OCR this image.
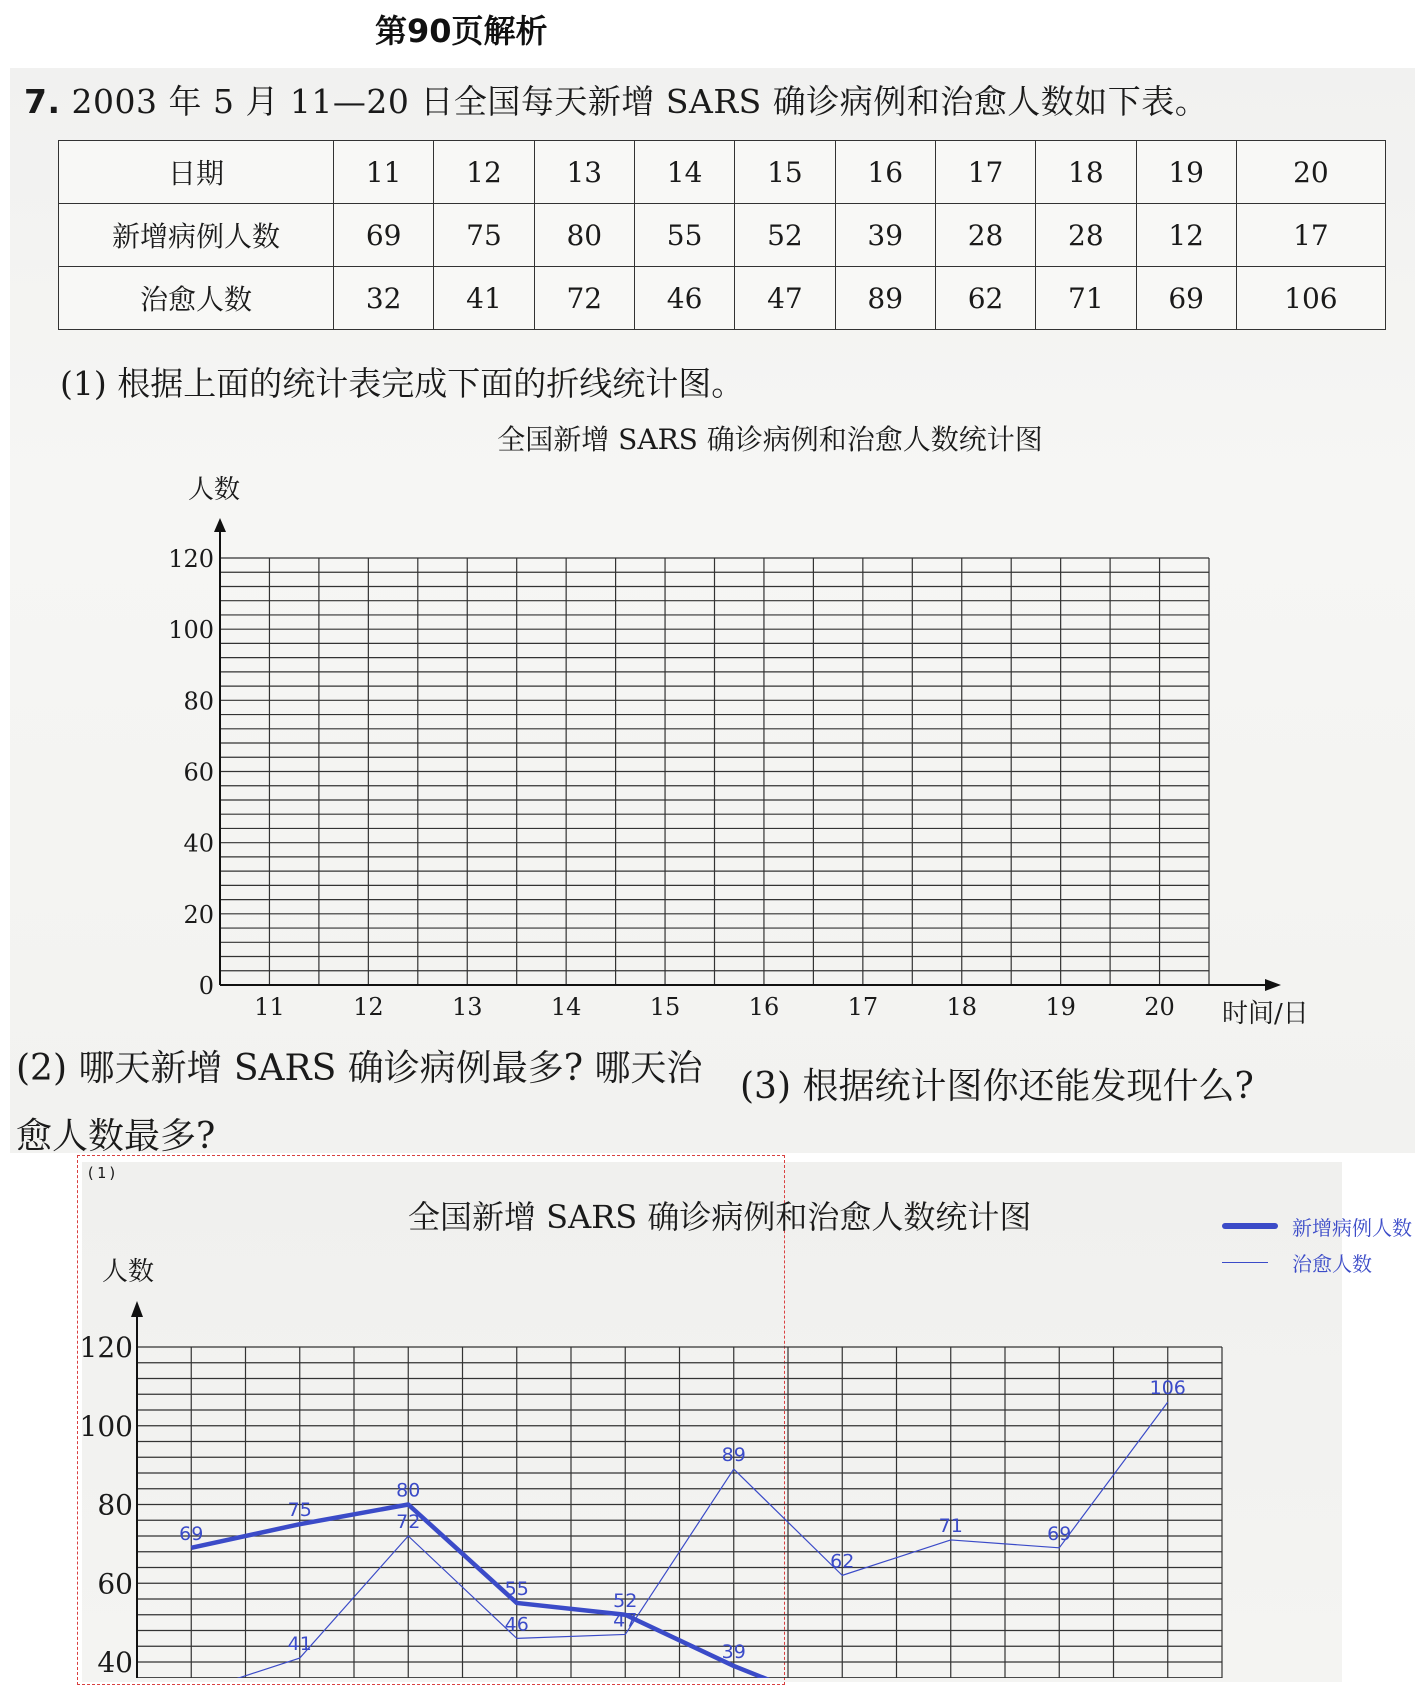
第90页解析
7. 2003 年 5 月 11—20 日全国每天新增 SARS 确诊病例和治愈人数如下表。
日期	11	12	13	14	15	16	17	18	19	20
新增病例人数	69	75	80	55	52	39	28	28	12	17
治愈人数	32	41	72	46	47	89	62	71	69	106
(1) 根据上面的统计表完成下面的折线统计图。
全国新增 SARS 确诊病例和治愈人数统计图
(2) 哪天新增 SARS 确诊病例最多? 哪天治愈人数最多?
(3) 根据统计图你还能发现什么?
(1)
全国新增 SARS 确诊病例和治愈人数统计图	新增病例人数
治愈人数
0
20
40
60
80
100
120
11	12	13	14	15	16	17	18	19	20
人数
时间/日
40
60
80
100
120
人数
69
75
80
55
52
39
41
72
46	47
89
62
71	69
106
